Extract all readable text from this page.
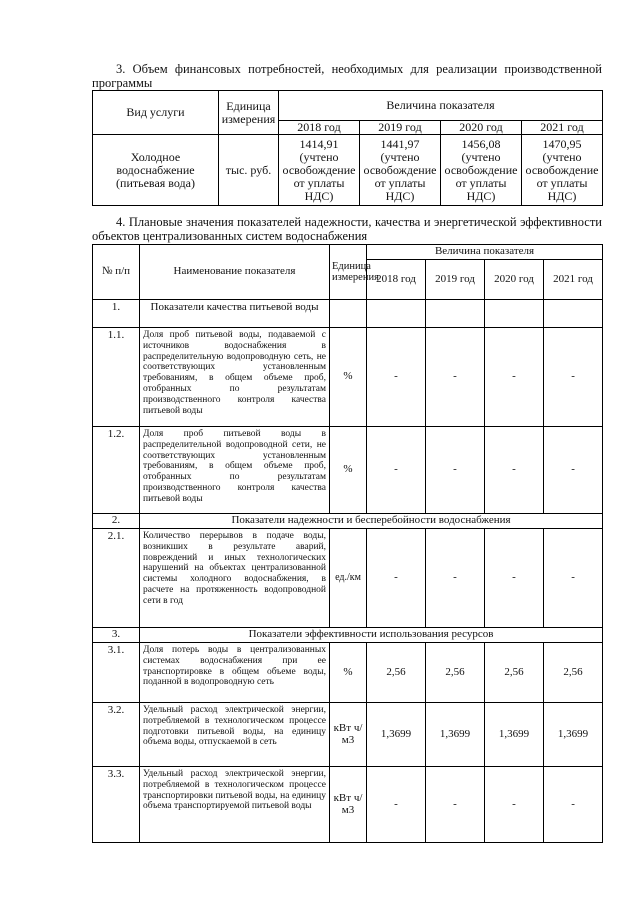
3. Объем финансовых потребностей, необходимых для реализации производственной программы
Вид услуги	Единица измерения	Величина показателя			
		2018 год	2019 год	2020 год	2021 год
Холодное водоснабжение (питьевая вода)	тыс. руб.	1414,91 (учтено освобождение от уплаты НДС)	1441,97 (учтено освобождение от уплаты НДС)	1456,08 (учтено освобождение от уплаты НДС)	1470,95 (учтено освобождение от уплаты НДС)
4. Плановые значения показателей надежности, качества и энергетической эффективности объектов централизованных систем водоснабжения
№ п/п	Наименование показателя	Единица измерения	Величина показателя			
			2018 год	2019 год	2020 год	2021 год
1.	Показатели качества питьевой воды					
1.1.	Доля проб питьевой воды, подаваемой с источников водоснабжения в распределительную водопроводную сеть, не соответствующих установленным требованиям, в общем объеме проб, отобранных по результатам производственного контроля качества питьевой воды	%	-	-	-	-
1.2.	Доля проб питьевой воды в распределительной водопроводной сети, не соответствующих установленным требованиям, в общем объеме проб, отобранных по результатам производственного контроля качества питьевой воды	%	-	-	-	-
2.	Показатели надежности и бесперебойности водоснабжения					
2.1.	Количество перерывов в подаче воды, возникших в результате аварий, повреждений и иных технологических нарушений на объектах централизованной системы холодного водоснабжения, в расчете на протяженность водопроводной сети в год	ед./км	-	-	-	-
3.	Показатели эффективности использования ресурсов					
3.1.	Доля потерь воды в централизованных системах водоснабжения при ее транспортировке в общем объеме воды, поданной в водопроводную сеть	%	2,56	2,56	2,56	2,56
3.2.	Удельный расход электрической энергии, потребляемой в технологическом процессе подготовки питьевой воды, на единицу объема воды, отпускаемой в сеть	кВт ч/м3	1,3699	1,3699	1,3699	1,3699
3.3.	Удельный расход электрической энергии, потребляемой в технологическом процессе транспортировки питьевой воды, на единицу объема транспортируемой питьевой воды	кВт ч/м3	-	-	-	-
